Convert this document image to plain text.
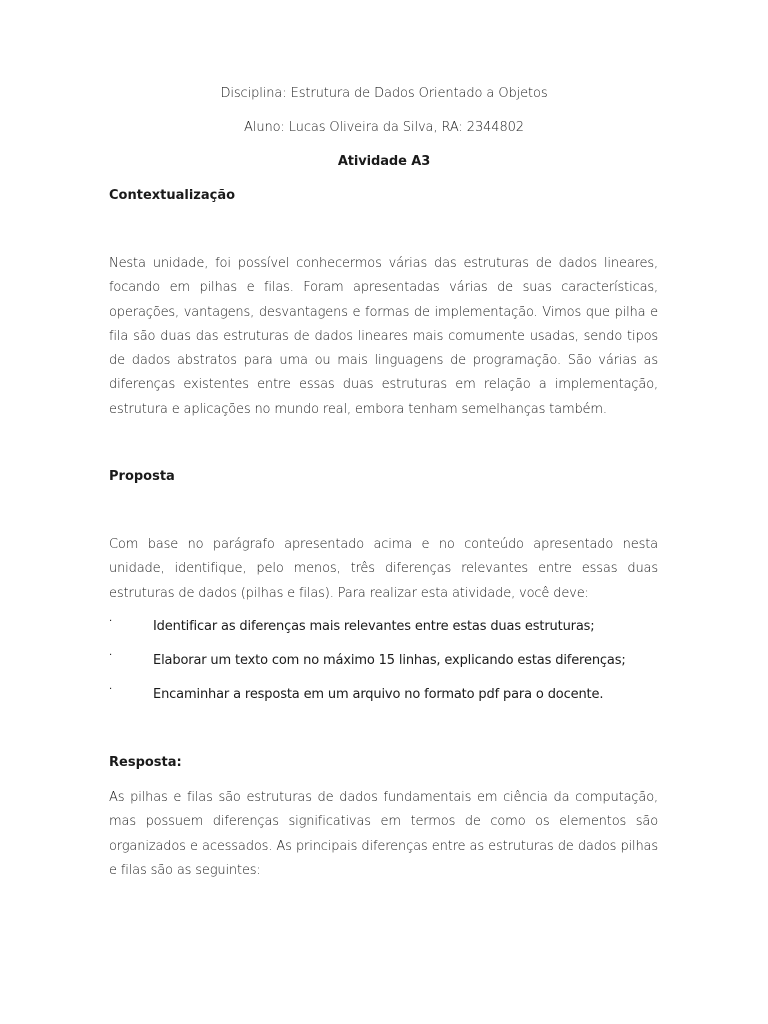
Disciplina: Estrutura de Dados Orientado a Objetos
Aluno: Lucas Oliveira da Silva, RA: 2344802
Atividade A3
Contextualização
Nesta unidade, foi possível conhecermos várias das estruturas de dados lineares, focando em pilhas e filas. Foram apresentadas várias de suas características, operações, vantagens, desvantagens e formas de implementação. Vimos que pilha e fila são duas das estruturas de dados lineares mais comumente usadas, sendo tipos de dados abstratos para uma ou mais linguagens de programação. São várias as diferenças existentes entre essas duas estruturas em relação a implementação, estrutura e aplicações no mundo real, embora tenham semelhanças também.
Proposta
Com base no parágrafo apresentado acima e no conteúdo apresentado nesta unidade, identifique, pelo menos, três diferenças relevantes entre essas duas estruturas de dados (pilhas e filas). Para realizar esta atividade, você deve:
·	Identificar as diferenças mais relevantes entre estas duas estruturas;
·	Elaborar um texto com no máximo 15 linhas, explicando estas diferenças;
·	Encaminhar a resposta em um arquivo no formato pdf para o docente.
Resposta:
As pilhas e filas são estruturas de dados fundamentais em ciência da computação, mas possuem diferenças significativas em termos de como os elementos são organizados e acessados. As principais diferenças entre as estruturas de dados pilhas e filas são as seguintes:
